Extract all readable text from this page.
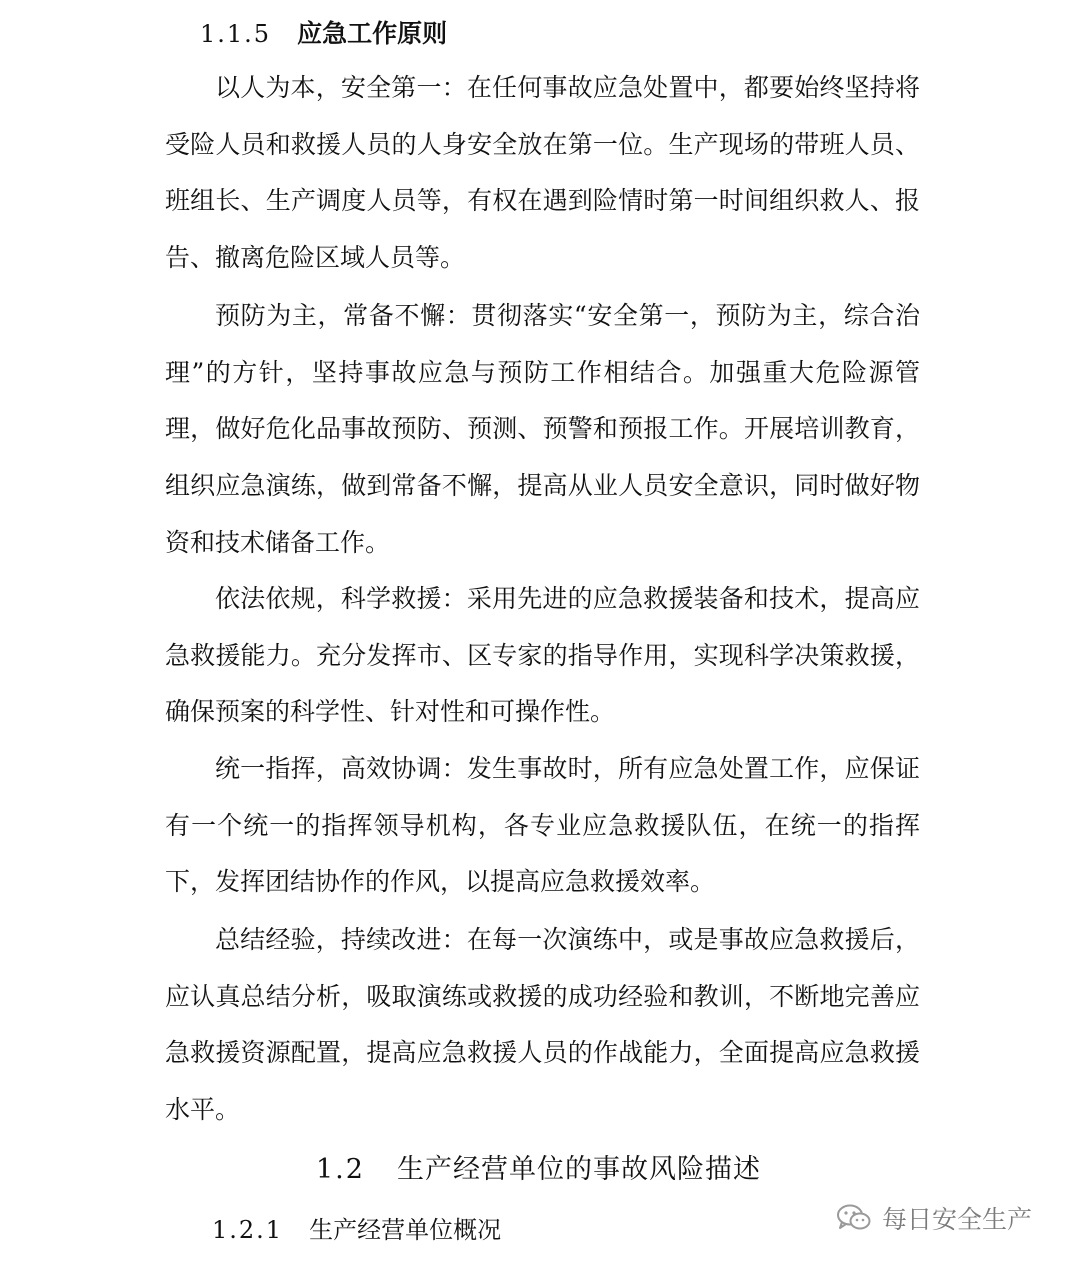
1.1.5 应急工作原则

以人为本，安全第一：在任何事故应急处置中，都要始终坚持将受险人员和救援人员的人身安全放在第一位。生产现场的带班人员、班组长、生产调度人员等，有权在遇到险情时第一时间组织救人、报告、撤离危险区域人员等。

预防为主，常备不懈：贯彻落实“安全第一，预防为主，综合治理”的方针，坚持事故应急与预防工作相结合。加强重大危险源管理，做好危化品事故预防、预测、预警和预报工作。开展培训教育，组织应急演练，做到常备不懈，提高从业人员安全意识，同时做好物资和技术储备工作。

依法依规，科学救援：采用先进的应急救援装备和技术，提高应急救援能力。充分发挥市、区专家的指导作用，实现科学决策救援，确保预案的科学性、针对性和可操作性。

统一指挥，高效协调：发生事故时，所有应急处置工作，应保证有一个统一的指挥领导机构，各专业应急救援队伍，在统一的指挥下，发挥团结协作的作风，以提高应急救援效率。

总结经验，持续改进：在每一次演练中，或是事故应急救援后，应认真总结分析，吸取演练或救援的成功经验和教训，不断地完善应急救援资源配置，提高应急救援人员的作战能力，全面提高应急救援水平。

1.2 生产经营单位的事故风险描述
1.2.1 生产经营单位概况	每日安全生产
